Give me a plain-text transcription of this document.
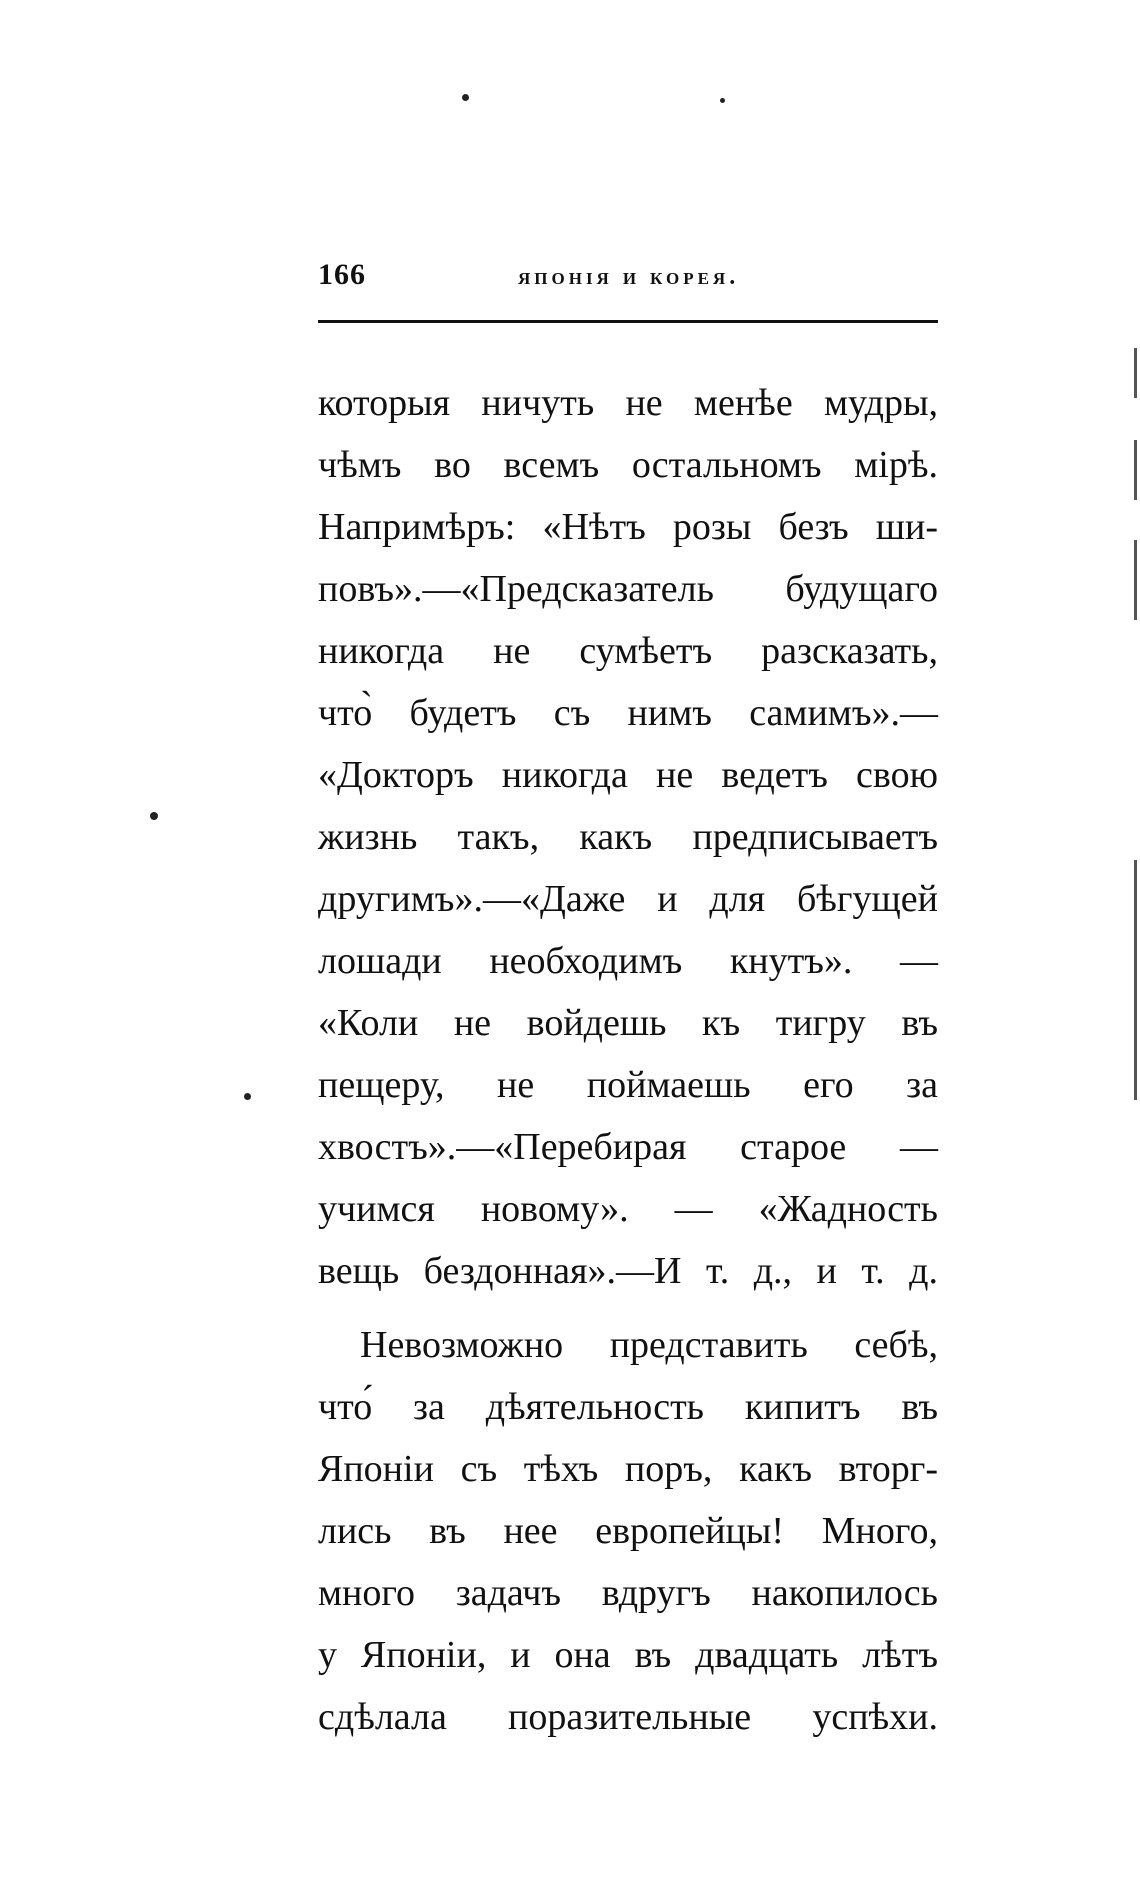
166	японія и корея.
которыя ничуть не менѣе мудры,
чѣмъ во всемъ остальномъ мірѣ.
Напримѣръ: «Нѣтъ розы безъ ши-
повъ».—«Предсказатель будущаго
никогда не сумѣетъ разсказать,
что̀ будетъ съ нимъ самимъ».—
«Докторъ никогда не ведетъ свою
жизнь такъ, какъ предписываетъ
другимъ».—«Даже и для бѣгущей
лошади необходимъ кнутъ». —
«Коли не войдешь къ тигру въ
пещеру, не поймаешь его за
хвостъ».—«Перебирая старое —
учимся новому». — «Жадность
вещь бездонная».—И т. д., и т. д.
Невозможно представить себѣ,
что́ за дѣятельность кипитъ въ
Японіи съ тѣхъ поръ, какъ вторг-
лись въ нее европейцы! Много,
много задачъ вдругъ накопилось
у Японіи, и она въ двадцать лѣтъ
сдѣлала поразительные успѣхи.
